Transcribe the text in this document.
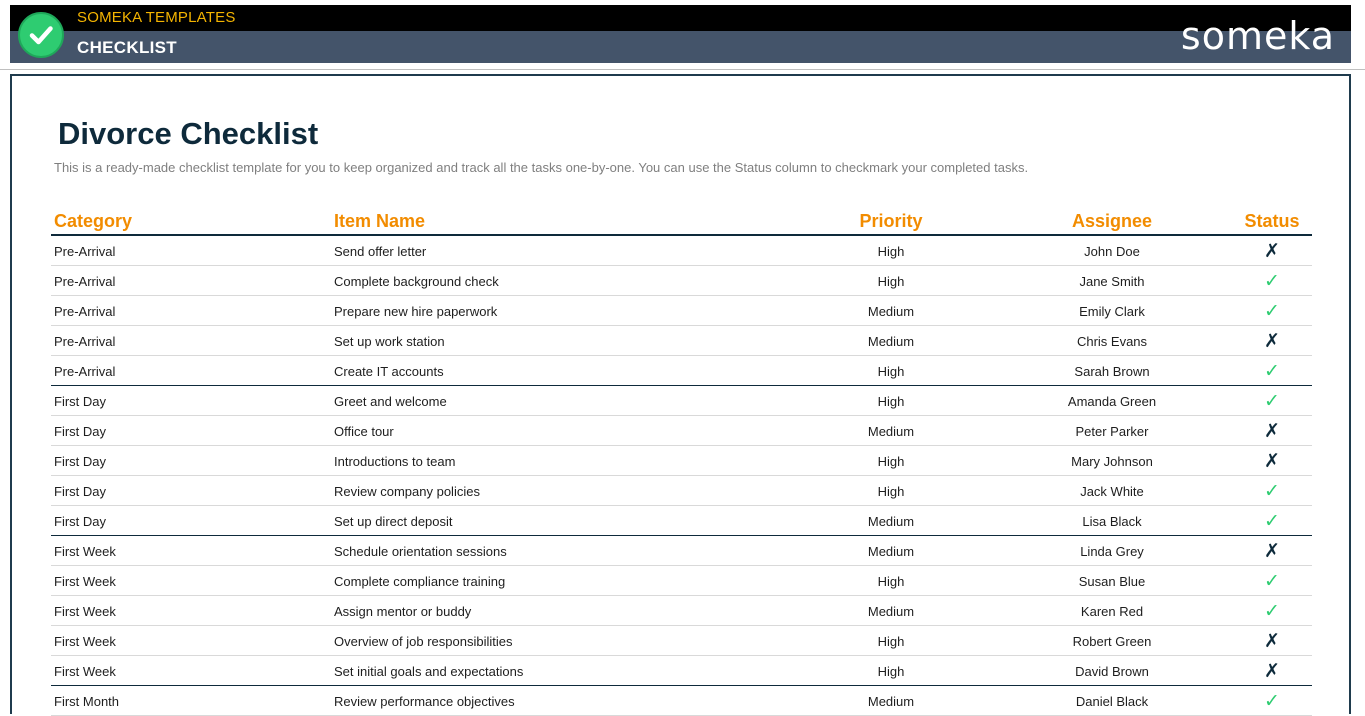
SOMEKA TEMPLATES
CHECKLIST	someka
Divorce Checklist
This is a ready-made checklist template for you to keep organized and track all the tasks one-by-one. You can use the Status column to checkmark your completed tasks.
Category	Item Name	Priority	Assignee	Status
Pre-Arrival	Send offer letter	High	John Doe	✗
Pre-Arrival	Complete background check	High	Jane Smith	✓
Pre-Arrival	Prepare new hire paperwork	Medium	Emily Clark	✓
Pre-Arrival	Set up work station	Medium	Chris Evans	✗
Pre-Arrival	Create IT accounts	High	Sarah Brown	✓
First Day	Greet and welcome	High	Amanda Green	✓
First Day	Office tour	Medium	Peter Parker	✗
First Day	Introductions to team	High	Mary Johnson	✗
First Day	Review company policies	High	Jack White	✓
First Day	Set up direct deposit	Medium	Lisa Black	✓
First Week	Schedule orientation sessions	Medium	Linda Grey	✗
First Week	Complete compliance training	High	Susan Blue	✓
First Week	Assign mentor or buddy	Medium	Karen Red	✓
First Week	Overview of job responsibilities	High	Robert Green	✗
First Week	Set initial goals and expectations	High	David Brown	✗
First Month	Review performance objectives	Medium	Daniel Black	✓
